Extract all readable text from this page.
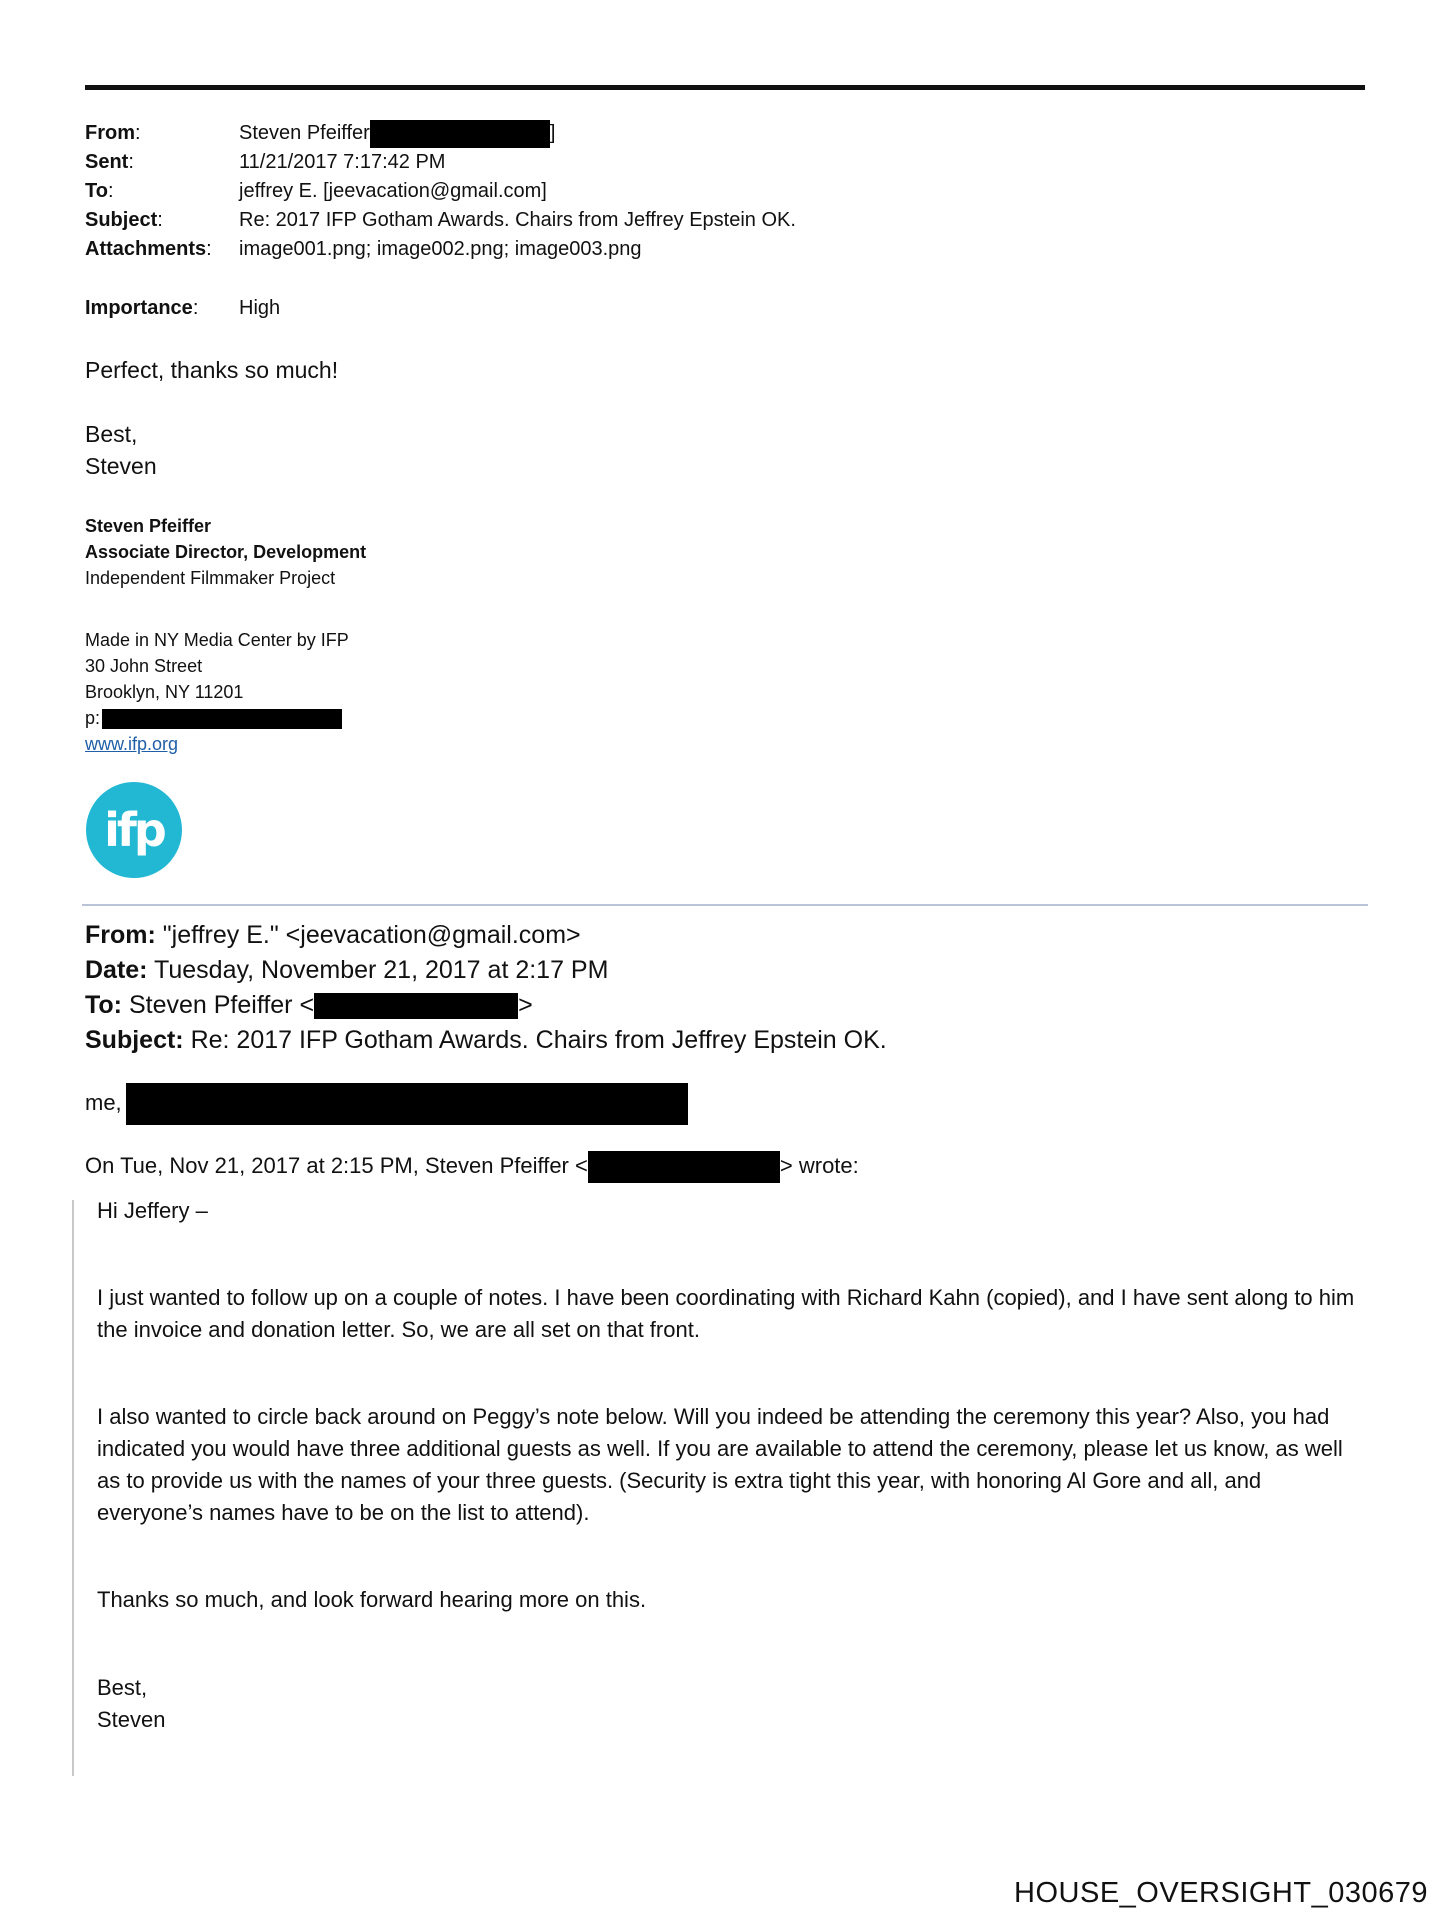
From:	Steven Pfeiffer	]
Sent:	11/21/2017 7:17:42 PM
To:	jeffrey E. [jeevacation@gmail.com]
Subject:	Re: 2017 IFP Gotham Awards. Chairs from Jeffrey Epstein OK.
Attachments: image001.png; image002.png; image003.png
Importance: High
Perfect, thanks so much!
Best,
Steven
Steven Pfeiffer
Associate Director, Development
Independent Filmmaker Project
Made in NY Media Center by IFP
30 John Street
Brooklyn, NY 11201
p:
www.ifp.org
ifp
From: "jeffrey E." <jeevacation@gmail.com>
Date: Tuesday, November 21, 2017 at 2:17 PM
To: Steven Pfeiffer <	>
Subject: Re: 2017 IFP Gotham Awards. Chairs from Jeffrey Epstein OK.
me,
On Tue, Nov 21, 2017 at 2:15 PM, Steven Pfeiffer <	> wrote:
Hi Jeffery –
I just wanted to follow up on a couple of notes. I have been coordinating with Richard Kahn (copied), and I have sent along to him the invoice and donation letter. So, we are all set on that front.
I also wanted to circle back around on Peggy’s note below. Will you indeed be attending the ceremony this year? Also, you had indicated you would have three additional guests as well. If you are available to attend the ceremony, please let us know, as well as to provide us with the names of your three guests. (Security is extra tight this year, with honoring Al Gore and all, and everyone’s names have to be on the list to attend).
Thanks so much, and look forward hearing more on this.
Best,
Steven
HOUSE_OVERSIGHT_030679
